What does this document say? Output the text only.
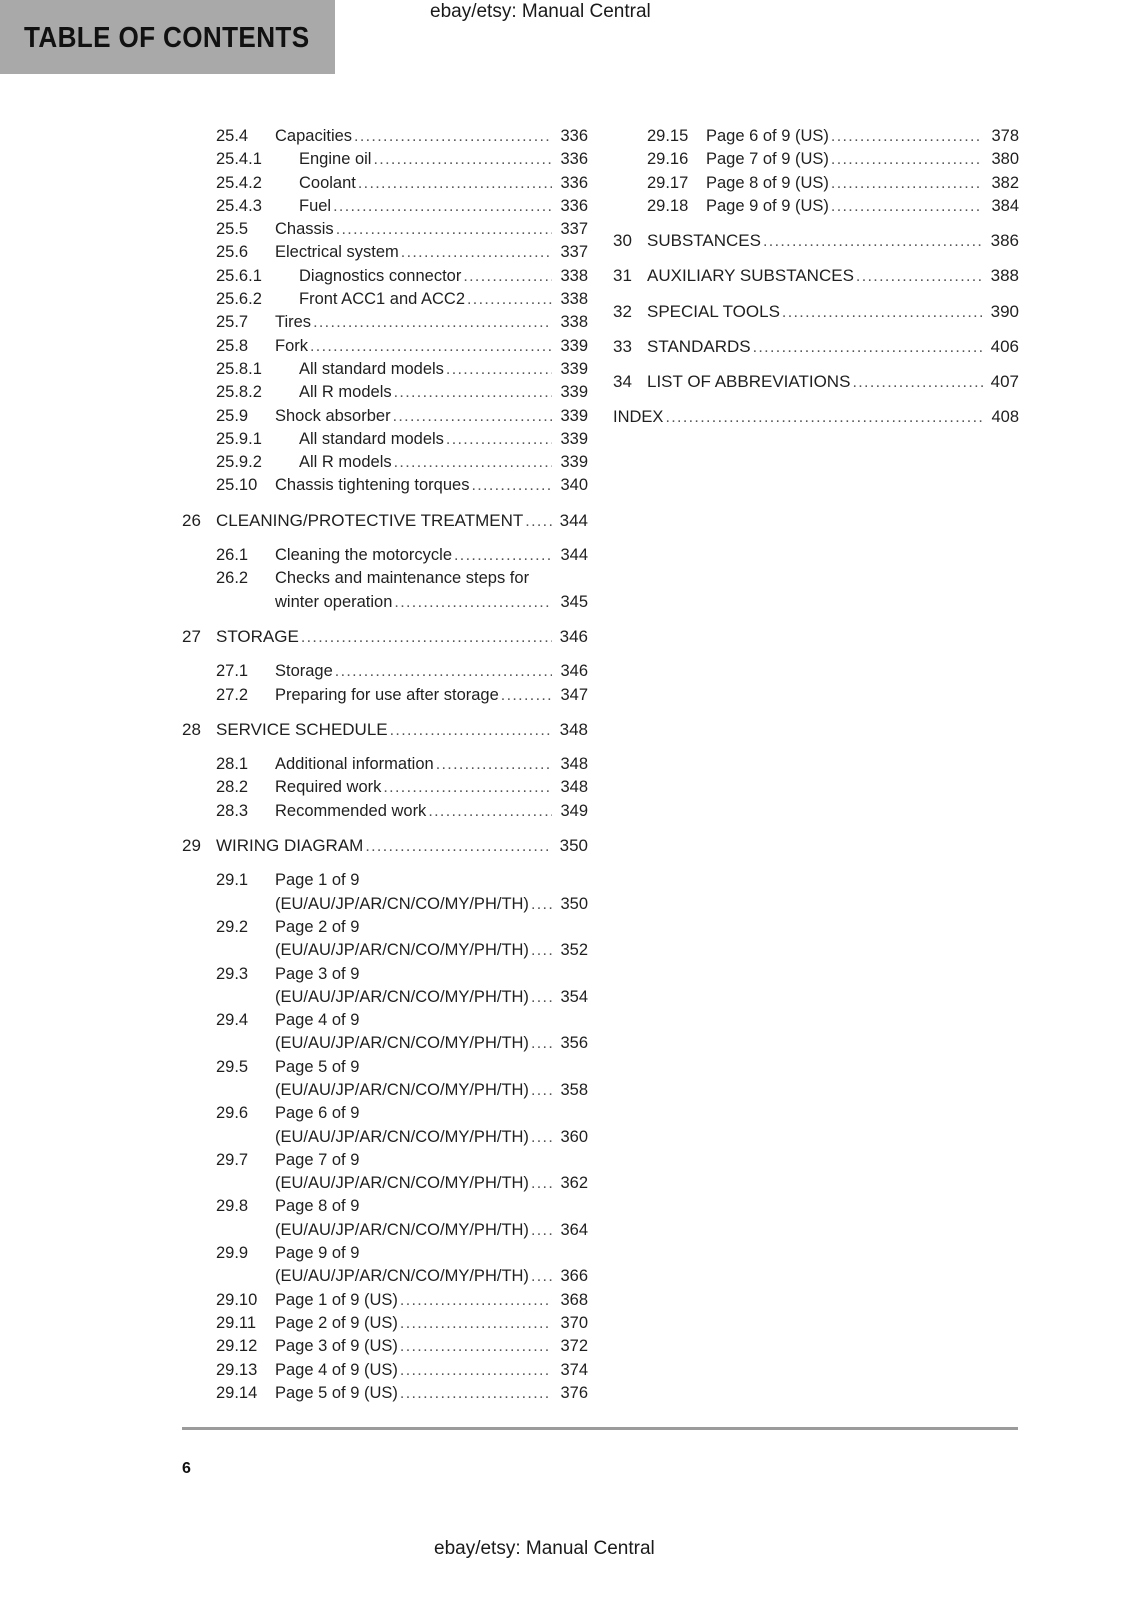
TABLE OF CONTENTS
ebay/etsy: Manual Central
25.4	Capacities .....	336
25.4.1	Engine oil .....	336
25.4.2	Coolant .....	336
25.4.3	Fuel .....	336
25.5	Chassis .....	337
25.6	Electrical system .....	337
25.6.1	Diagnostics connector .....	338
25.6.2	Front ACC1 and ACC2 .....	338
25.7	Tires .....	338
25.8	Fork .....	339
25.8.1	All standard models .....	339
25.8.2	All R models .....	339
25.9	Shock absorber .....	339
25.9.1	All standard models .....	339
25.9.2	All R models .....	339
25.10	Chassis tightening torques .....	340
26 CLEANING/PROTECTIVE TREATMENT .....	344
26.1	Cleaning the motorcycle .....	344
26.2	Checks and maintenance steps for
winter operation .....	345
27 STORAGE .....	346
27.1	Storage .....	346
27.2	Preparing for use after storage .....	347
28 SERVICE SCHEDULE .....	348
28.1	Additional information .....	348
28.2	Required work .....	348
28.3	Recommended work .....	349
29 WIRING DIAGRAM .....	350
29.1	Page 1 of 9
(EU/AU/JP/AR/CN/CO/MY/PH/TH) .....	350
29.2	Page 2 of 9
(EU/AU/JP/AR/CN/CO/MY/PH/TH) .....	352
29.3	Page 3 of 9
(EU/AU/JP/AR/CN/CO/MY/PH/TH) .....	354
29.4	Page 4 of 9
(EU/AU/JP/AR/CN/CO/MY/PH/TH) .....	356
29.5	Page 5 of 9
(EU/AU/JP/AR/CN/CO/MY/PH/TH) .....	358
29.6	Page 6 of 9
(EU/AU/JP/AR/CN/CO/MY/PH/TH) .....	360
29.7	Page 7 of 9
(EU/AU/JP/AR/CN/CO/MY/PH/TH) .....	362
29.8	Page 8 of 9
(EU/AU/JP/AR/CN/CO/MY/PH/TH) .....	364
29.9	Page 9 of 9
(EU/AU/JP/AR/CN/CO/MY/PH/TH) .....	366
29.10	Page 1 of 9 (US) .....	368
29.11	Page 2 of 9 (US) .....	370
29.12	Page 3 of 9 (US) .....	372
29.13	Page 4 of 9 (US) .....	374
29.14	Page 5 of 9 (US) .....	376
29.15	Page 6 of 9 (US) .....	378
29.16	Page 7 of 9 (US) .....	380
29.17	Page 8 of 9 (US) .....	382
29.18	Page 9 of 9 (US) .....	384
30 SUBSTANCES .....	386
31 AUXILIARY SUBSTANCES .....	388
32 SPECIAL TOOLS .....	390
33 STANDARDS .....	406
34 LIST OF ABBREVIATIONS .....	407
INDEX .....	408
6
ebay/etsy: Manual Central
